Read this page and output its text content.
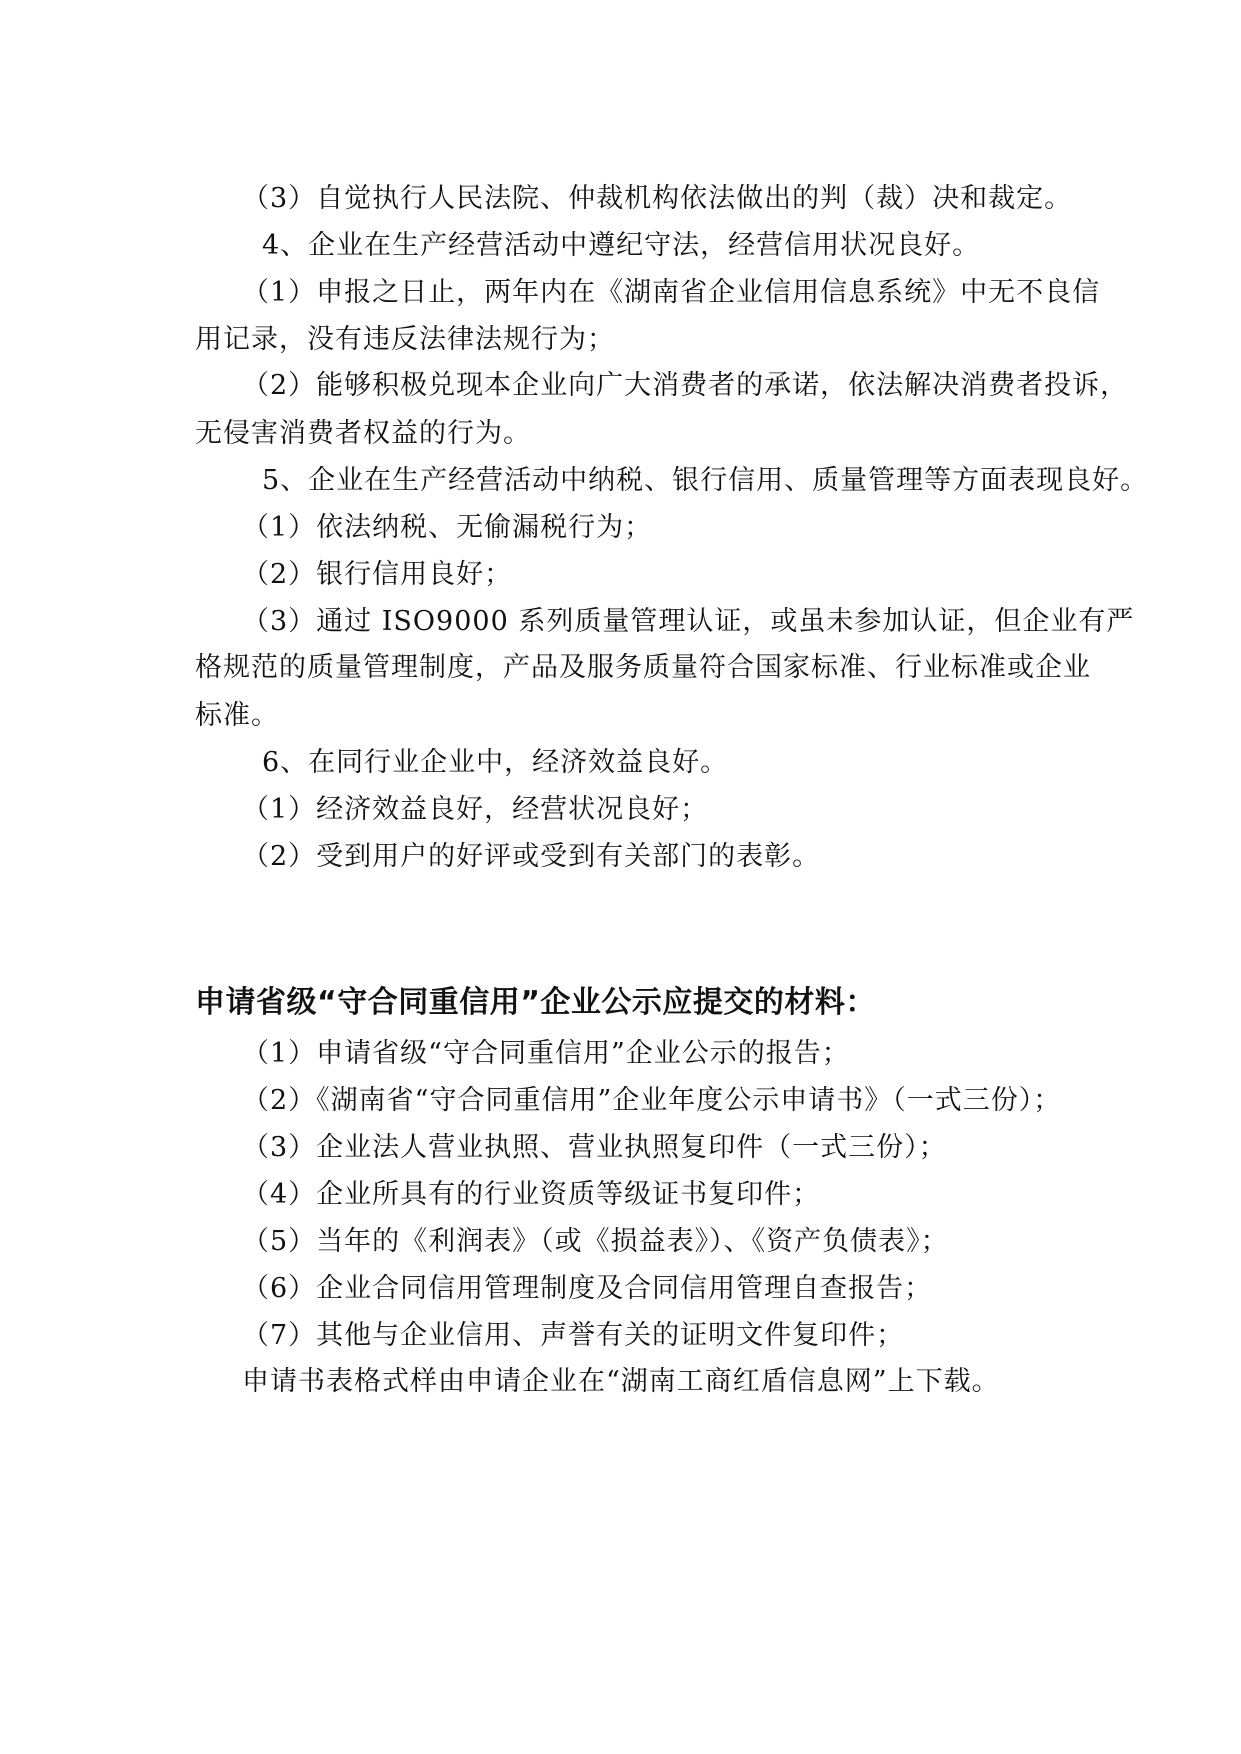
（3）自觉执行人民法院、仲裁机构依法做出的判（裁）决和裁定。
4、企业在生产经营活动中遵纪守法，经营信用状况良好。
（1）申报之日止，两年内在《湖南省企业信用信息系统》中无不良信
用记录，没有违反法律法规行为；
（2）能够积极兑现本企业向广大消费者的承诺，依法解决消费者投诉，
无侵害消费者权益的行为。
5、企业在生产经营活动中纳税、银行信用、质量管理等方面表现良好。
（1）依法纳税、无偷漏税行为；
（2）银行信用良好；
（3）通过 ISO9000 系列质量管理认证，或虽未参加认证，但企业有严
格规范的质量管理制度，产品及服务质量符合国家标准、行业标准或企业
标准。
6、在同行业企业中，经济效益良好。
（1）经济效益良好，经营状况良好；
（2）受到用户的好评或受到有关部门的表彰。
申请省级“守合同重信用”企业公示应提交的材料：
（1）申请省级“守合同重信用”企业公示的报告；
（2）《湖南省“守合同重信用”企业年度公示申请书》（一式三份）；
（3）企业法人营业执照、营业执照复印件（一式三份）；
（4）企业所具有的行业资质等级证书复印件；
（5）当年的《利润表》（或《损益表》）、《资产负债表》；
（6）企业合同信用管理制度及合同信用管理自查报告；
（7）其他与企业信用、声誉有关的证明文件复印件；
申请书表格式样由申请企业在“湖南工商红盾信息网”上下载。
